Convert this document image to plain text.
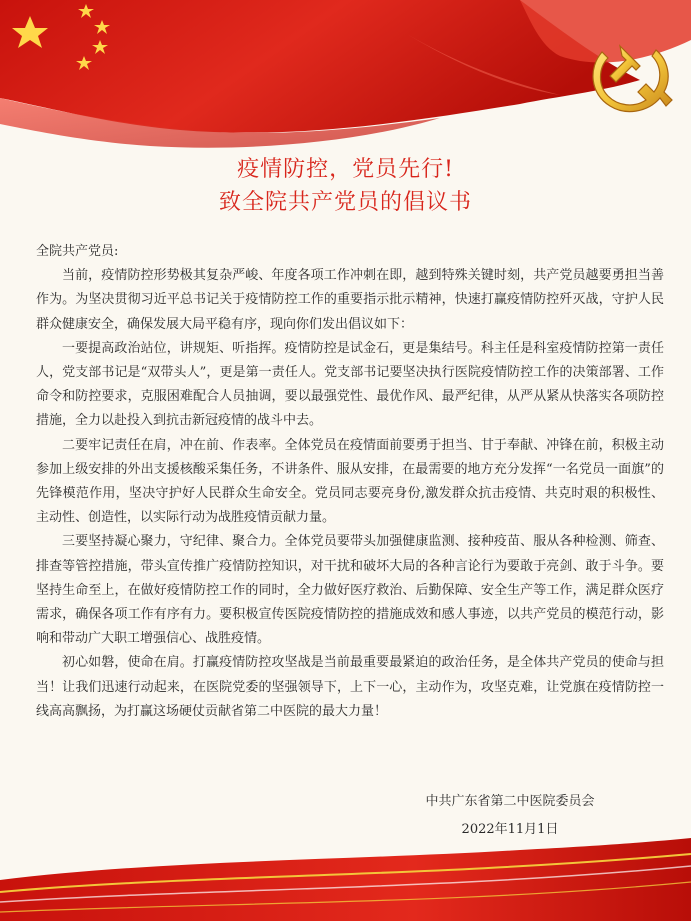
疫情防控，党员先行!
致全院共产党员的倡议书

全院共产党员:

当前，疫情防控形势极其复杂严峻、年度各项工作冲刺在即，越到特殊关键时刻，共产党员越要勇担当善作为。为坚决贯彻习近平总书记关于疫情防控工作的重要指示批示精神，快速打赢疫情防控歼灭战，守护人民群众健康安全，确保发展大局平稳有序，现向你们发出倡议如下：

一要提高政治站位，讲规矩、听指挥。疫情防控是试金石，更是集结号。科主任是科室疫情防控第一责任人，党支部书记是“双带头人”，更是第一责任人。党支部书记要坚决执行医院疫情防控工作的决策部署、工作命令和防控要求，克服困难配合人员抽调，要以最强党性、最优作风、最严纪律，从严从紧从快落实各项防控措施，全力以赴投入到抗击新冠疫情的战斗中去。

二要牢记责任在肩，冲在前、作表率。全体党员在疫情面前要勇于担当、甘于奉献、冲锋在前，积极主动参加上级安排的外出支援核酸采集任务，不讲条件、服从安排，在最需要的地方充分发挥“一名党员一面旗”的先锋模范作用，坚决守护好人民群众生命安全。党员同志要亮身份,激发群众抗击疫情、共克时艰的积极性、主动性、创造性，以实际行动为战胜疫情贡献力量。

三要坚持凝心聚力，守纪律、聚合力。全体党员要带头加强健康监测、接种疫苗、服从各种检测、筛查、排查等管控措施，带头宣传推广疫情防控知识，对干扰和破坏大局的各种言论行为要敢于亮剑、敢于斗争。要坚持生命至上，在做好疫情防控工作的同时，全力做好医疗救治、后勤保障、安全生产等工作，满足群众医疗需求，确保各项工作有序有力。要积极宣传医院疫情防控的措施成效和感人事迹，以共产党员的模范行动，影响和带动广大职工增强信心、战胜疫情。

初心如磐，使命在肩。打赢疫情防控攻坚战是当前最重要最紧迫的政治任务，是全体共产党员的使命与担当！让我们迅速行动起来，在医院党委的坚强领导下，上下一心，主动作为，攻坚克难，让党旗在疫情防控一线高高飘扬，为打赢这场硬仗贡献省第二中医院的最大力量！

中共广东省第二中医院委员会
2022年11月1日
